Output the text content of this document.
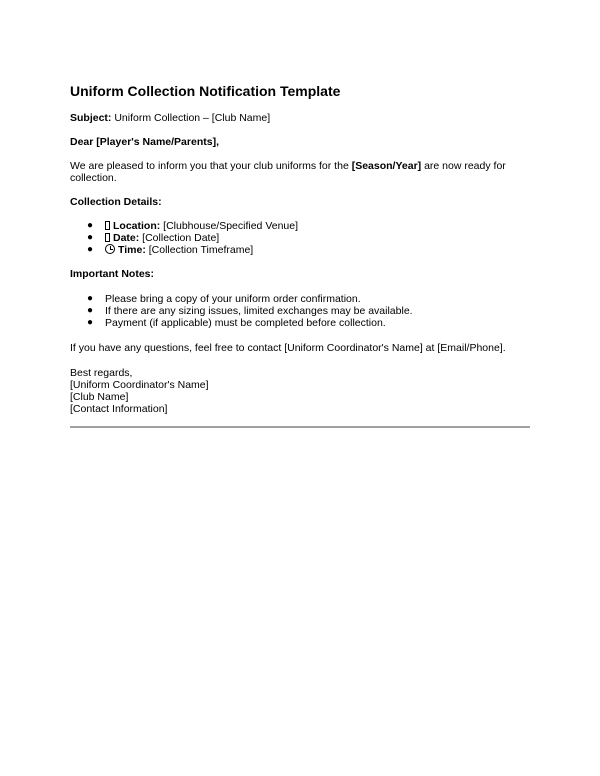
Uniform Collection Notification Template
Subject: Uniform Collection – [Club Name]
Dear [Player's Name/Parents],
We are pleased to inform you that your club uniforms for the [Season/Year] are now ready for collection.
Collection Details:
● Location: [Clubhouse/Specified Venue]
● Date: [Collection Date]
● Time: [Collection Timeframe]
Important Notes:
● Please bring a copy of your uniform order confirmation.
● If there are any sizing issues, limited exchanges may be available.
● Payment (if applicable) must be completed before collection.
If you have any questions, feel free to contact [Uniform Coordinator's Name] at [Email/Phone].
Best regards,
[Uniform Coordinator's Name]
[Club Name]
[Contact Information]
